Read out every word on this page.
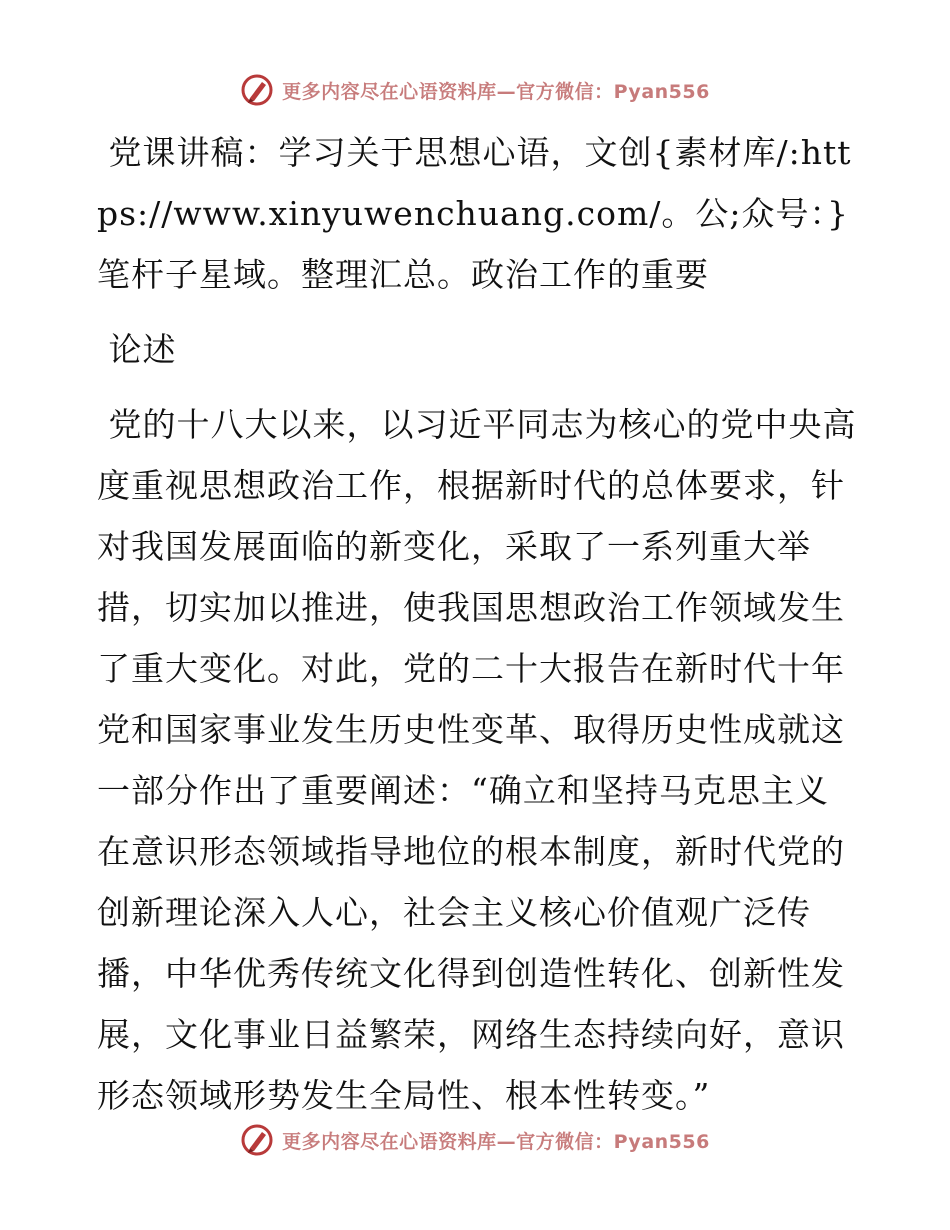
更多内容尽在心语资料库—官方微信：Pyan556

党课讲稿：学习关于思想心语，文创{素材库/:https://www.xinyuwenchuang.com/。公;众号：}笔杆子星域。整理汇总。政治工作的重要

论述

党的十八大以来，以习近平同志为核心的党中央高度重视思想政治工作，根据新时代的总体要求，针对我国发展面临的新变化，采取了一系列重大举措，切实加以推进，使我国思想政治工作领域发生了重大变化。对此，党的二十大报告在新时代十年党和国家事业发生历史性变革、取得历史性成就这一部分作出了重要阐述：“确立和坚持马克思主义在意识形态领域指导地位的根本制度，新时代党的创新理论深入人心，社会主义核心价值观广泛传播，中华优秀传统文化得到创造性转化、创新性发展，文化事业日益繁荣，网络生态持续向好，意识形态领域形势发生全局性、根本性转变。”

更多内容尽在心语资料库—官方微信：Pyan556
